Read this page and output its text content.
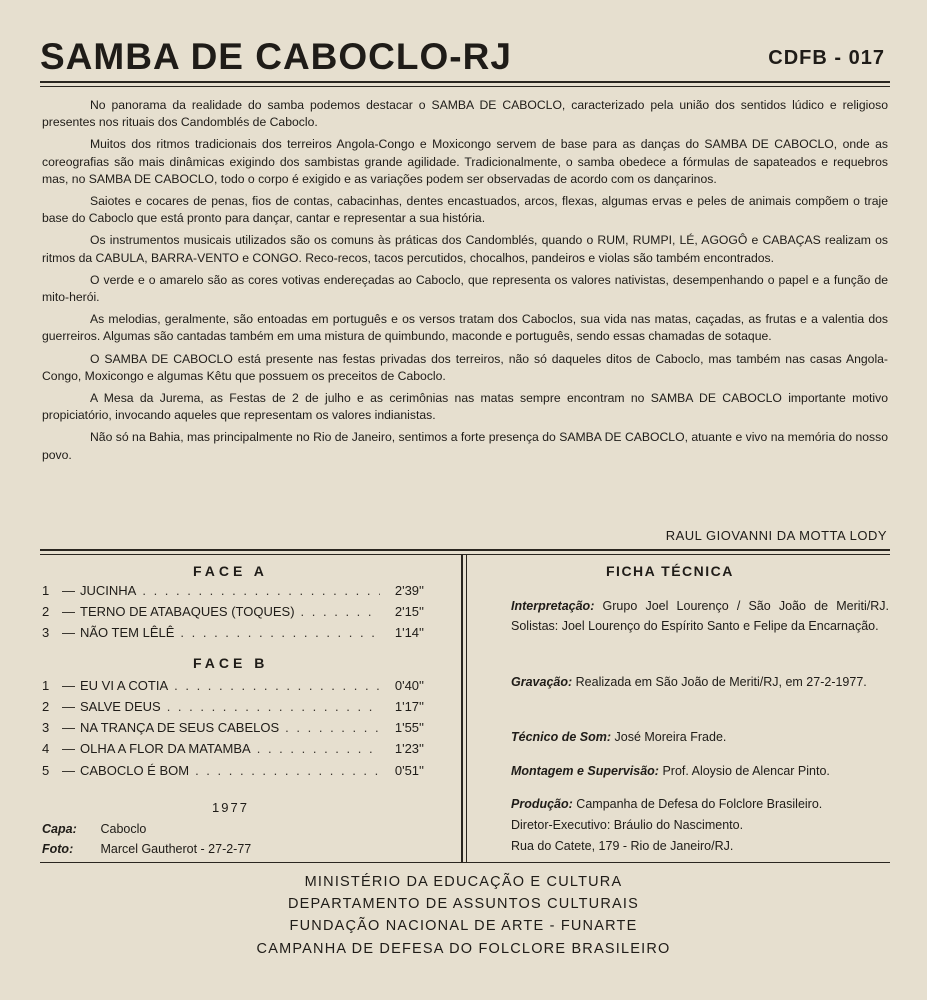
SAMBA DE CABOCLO-RJ	CDFB - 017

No panorama da realidade do samba podemos destacar o SAMBA DE CABOCLO, caracterizado pela união dos sentidos lúdico e religioso presentes nos rituais dos Candomblés de Caboclo.

Muitos dos ritmos tradicionais dos terreiros Angola-Congo e Moxicongo servem de base para as danças do SAMBA DE CABOCLO, onde as coreografias são mais dinâmicas exigindo dos sambistas grande agilidade. Tradicionalmente, o samba obedece a fórmulas de sapateados e requebros mas, no SAMBA DE CABOCLO, todo o corpo é exigido e as variações podem ser observadas de acordo com os dançarinos.

Saiotes e cocares de penas, fios de contas, cabacinhas, dentes encastuados, arcos, flexas, algumas ervas e peles de animais compõem o traje base do Caboclo que está pronto para dançar, cantar e representar a sua história.

Os instrumentos musicais utilizados são os comuns às práticas dos Candomblés, quando o RUM, RUMPI, LÉ, AGOGÔ e CABAÇAS realizam os ritmos da CABULA, BARRA-VENTO e CONGO. Reco-recos, tacos percutidos, chocalhos, pandeiros e violas são também encontrados.

O verde e o amarelo são as cores votivas endereçadas ao Caboclo, que representa os valores nativistas, desempenhando o papel e a função de mito-herói.

As melodias, geralmente, são entoadas em português e os versos tratam dos Caboclos, sua vida nas matas, caçadas, as frutas e a valentia dos guerreiros. Algumas são cantadas também em uma mistura de quimbundo, maconde e português, sendo essas chamadas de sotaque.

O SAMBA DE CABOCLO está presente nas festas privadas dos terreiros, não só daqueles ditos de Caboclo, mas também nas casas Angola-Congo, Moxicongo e algumas Kêtu que possuem os preceitos de Caboclo.

A Mesa da Jurema, as Festas de 2 de julho e as cerimônias nas matas sempre encontram no SAMBA DE CABOCLO importante motivo propiciatório, invocando aqueles que representam os valores indianistas.

Não só na Bahia, mas principalmente no Rio de Janeiro, sentimos a forte presença do SAMBA DE CABOCLO, atuante e vivo na memória do nosso povo.

RAUL GIOVANNI DA MOTTA LODY
FACE A
1 — JUCINHA . . .	2'39''
2 — TERNO DE ATABAQUES (TOQUES) . . .	2'15''
3 — NÃO TEM LÊLÊ . . .	1'14''
FACE B
1 — EU VI A COTIA . . .	0'40''
2 — SALVE DEUS . . .	1'17''
3 — NA TRANÇA DE SEUS CABELOS . . .	1'55''
4 — OLHA A FLOR DA MATAMBA . . .	1'23''
5 — CABOCLO É BOM . . .	0'51''
1977
Capa: Caboclo
Foto: Marcel Gautherot - 27-2-77
FICHA TÉCNICA
Interpretação: Grupo Joel Lourenço / São João de Meriti/RJ. Solistas: Joel Lourenço do Espírito Santo e Felipe da Encarnação.
Gravação: Realizada em São João de Meriti/RJ, em 27-2-1977.
Técnico de Som: José Moreira Frade.
Montagem e Supervisão: Prof. Aloysio de Alencar Pinto.
Produção: Campanha de Defesa do Folclore Brasileiro.
Diretor-Executivo: Bráulio do Nascimento.
Rua do Catete, 179 - Rio de Janeiro/RJ.
MINISTÉRIO DA EDUCAÇÃO E CULTURA
DEPARTAMENTO DE ASSUNTOS CULTURAIS
FUNDAÇÃO NACIONAL DE ARTE - FUNARTE
CAMPANHA DE DEFESA DO FOLCLORE BRASILEIRO
